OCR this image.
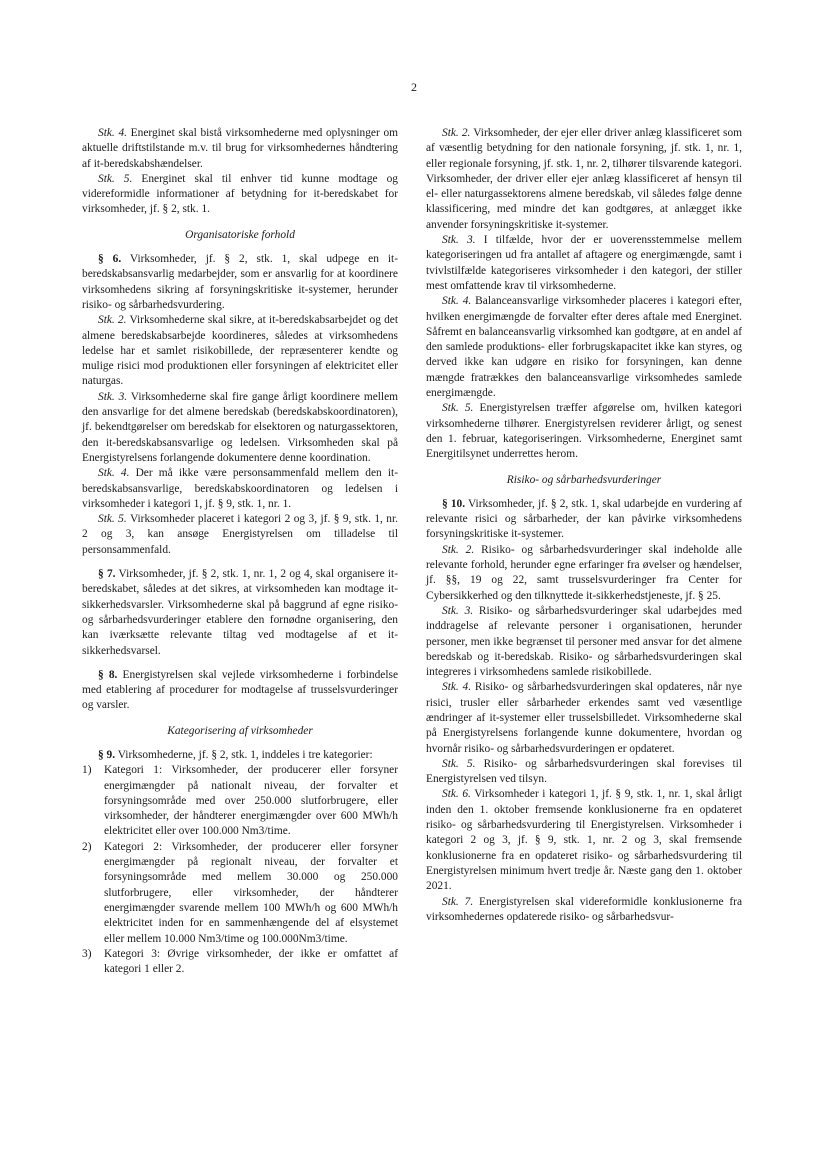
2

Stk. 4. Energinet skal bistå virksomhederne med oplysninger om aktuelle driftstilstande m.v. til brug for virksomhedernes håndtering af it-beredskabshændelser.

Stk. 5. Energinet skal til enhver tid kunne modtage og videreformidle informationer af betydning for it-beredskabet for virksomheder, jf. § 2, stk. 1.

Organisatoriske forhold

§ 6. Virksomheder, jf. § 2, stk. 1, skal udpege en it-beredskabsansvarlig medarbejder, som er ansvarlig for at koordinere virksomhedens sikring af forsyningskritiske it-systemer, herunder risiko- og sårbarhedsvurdering.

Stk. 2. Virksomhederne skal sikre, at it-beredskabsarbejdet og det almene beredskabsarbejde koordineres, således at virksomhedens ledelse har et samlet risikobillede, der repræsenterer kendte og mulige risici mod produktionen eller forsyningen af elektricitet eller naturgas.

Stk. 3. Virksomhederne skal fire gange årligt koordinere mellem den ansvarlige for det almene beredskab (beredskabskoordinatoren), jf. bekendtgørelser om beredskab for elsektoren og naturgassektoren, den it-beredskabsansvarlige og ledelsen. Virksomheden skal på Energistyrelsens forlangende dokumentere denne koordination.

Stk. 4. Der må ikke være personsammenfald mellem den it-beredskabsansvarlige, beredskabskoordinatoren og ledelsen i virksomheder i kategori 1, jf. § 9, stk. 1, nr. 1.

Stk. 5. Virksomheder placeret i kategori 2 og 3, jf. § 9, stk. 1, nr. 2 og 3, kan ansøge Energistyrelsen om tilladelse til personsammenfald.

§ 7. Virksomheder, jf. § 2, stk. 1, nr. 1, 2 og 4, skal organisere it-beredskabet, således at det sikres, at virksomheden kan modtage it-sikkerhedsvarsler. Virksomhederne skal på baggrund af egne risiko- og sårbarhedsvurderinger etablere den fornødne organisering, den kan iværksætte relevante tiltag ved modtagelse af et it-sikkerhedsvarsel.

§ 8. Energistyrelsen skal vejlede virksomhederne i forbindelse med etablering af procedurer for modtagelse af trusselsvurderinger og varsler.

Kategorisering af virksomheder

§ 9. Virksomhederne, jf. § 2, stk. 1, inddeles i tre kategorier:

1) Kategori 1: Virksomheder, der producerer eller forsyner energimængder på nationalt niveau, der forvalter et forsyningsområde med over 250.000 slutforbrugere, eller virksomheder, der håndterer energimængder over 600 MWh/h elektricitet eller over 100.000 Nm3/time.
2) Kategori 2: Virksomheder, der producerer eller forsyner energimængder på regionalt niveau, der forvalter et forsyningsområde med mellem 30.000 og 250.000 slutforbrugere, eller virksomheder, der håndterer energimængder svarende mellem 100 MWh/h og 600 MWh/h elektricitet inden for en sammenhængende del af elsystemet eller mellem 10.000 Nm3/time og 100.000Nm3/time.
3) Kategori 3: Øvrige virksomheder, der ikke er omfattet af kategori 1 eller 2.

Stk. 2. Virksomheder, der ejer eller driver anlæg klassificeret som af væsentlig betydning for den nationale forsyning, jf. stk. 1, nr. 1, eller regionale forsyning, jf. stk. 1, nr. 2, tilhører tilsvarende kategori. Virksomheder, der driver eller ejer anlæg klassificeret af hensyn til el- eller naturgassektorens almene beredskab, vil således følge denne klassificering, med mindre det kan godtgøres, at anlægget ikke anvender forsyningskritiske it-systemer.

Stk. 3. I tilfælde, hvor der er uoverensstemmelse mellem kategoriseringen ud fra antallet af aftagere og energimængde, samt i tvivlstilfælde kategoriseres virksomheder i den kategori, der stiller mest omfattende krav til virksomhederne.

Stk. 4. Balanceansvarlige virksomheder placeres i kategori efter, hvilken energimængde de forvalter efter deres aftale med Energinet. Såfremt en balanceansvarlig virksomhed kan godtgøre, at en andel af den samlede produktions- eller forbrugskapacitet ikke kan styres, og derved ikke kan udgøre en risiko for forsyningen, kan denne mængde fratrækkes den balanceansvarlige virksomhedes samlede energimængde.

Stk. 5. Energistyrelsen træffer afgørelse om, hvilken kategori virksomhederne tilhører. Energistyrelsen reviderer årligt, og senest den 1. februar, kategoriseringen. Virksomhederne, Energinet samt Energitilsynet underrettes herom.

Risiko- og sårbarhedsvurderinger

§ 10. Virksomheder, jf. § 2, stk. 1, skal udarbejde en vurdering af relevante risici og sårbarheder, der kan påvirke virksomhedens forsyningskritiske it-systemer.

Stk. 2. Risiko- og sårbarhedsvurderinger skal indeholde alle relevante forhold, herunder egne erfaringer fra øvelser og hændelser, jf. §§, 19 og 22, samt trusselsvurderinger fra Center for Cybersikkerhed og den tilknyttede it-sikkerhedstjeneste, jf. § 25.

Stk. 3. Risiko- og sårbarhedsvurderinger skal udarbejdes med inddragelse af relevante personer i organisationen, herunder personer, men ikke begrænset til personer med ansvar for det almene beredskab og it-beredskab. Risiko- og sårbarhedsvurderingen skal integreres i virksomhedens samlede risikobillede.

Stk. 4. Risiko- og sårbarhedsvurderingen skal opdateres, når nye risici, trusler eller sårbarheder erkendes samt ved væsentlige ændringer af it-systemer eller trusselsbilledet. Virksomhederne skal på Energistyrelsens forlangende kunne dokumentere, hvordan og hvornår risiko- og sårbarhedsvurderingen er opdateret.

Stk. 5. Risiko- og sårbarhedsvurderingen skal forevises til Energistyrelsen ved tilsyn.

Stk. 6. Virksomheder i kategori 1, jf. § 9, stk. 1, nr. 1, skal årligt inden den 1. oktober fremsende konklusionerne fra en opdateret risiko- og sårbarhedsvurdering til Energistyrelsen. Virksomheder i kategori 2 og 3, jf. § 9, stk. 1, nr. 2 og 3, skal fremsende konklusionerne fra en opdateret risiko- og sårbarhedsvurdering til Energistyrelsen minimum hvert tredje år. Næste gang den 1. oktober 2021.

Stk. 7. Energistyrelsen skal videreformidle konklusionerne fra virksomhedernes opdaterede risiko- og sårbarhedsvur-
